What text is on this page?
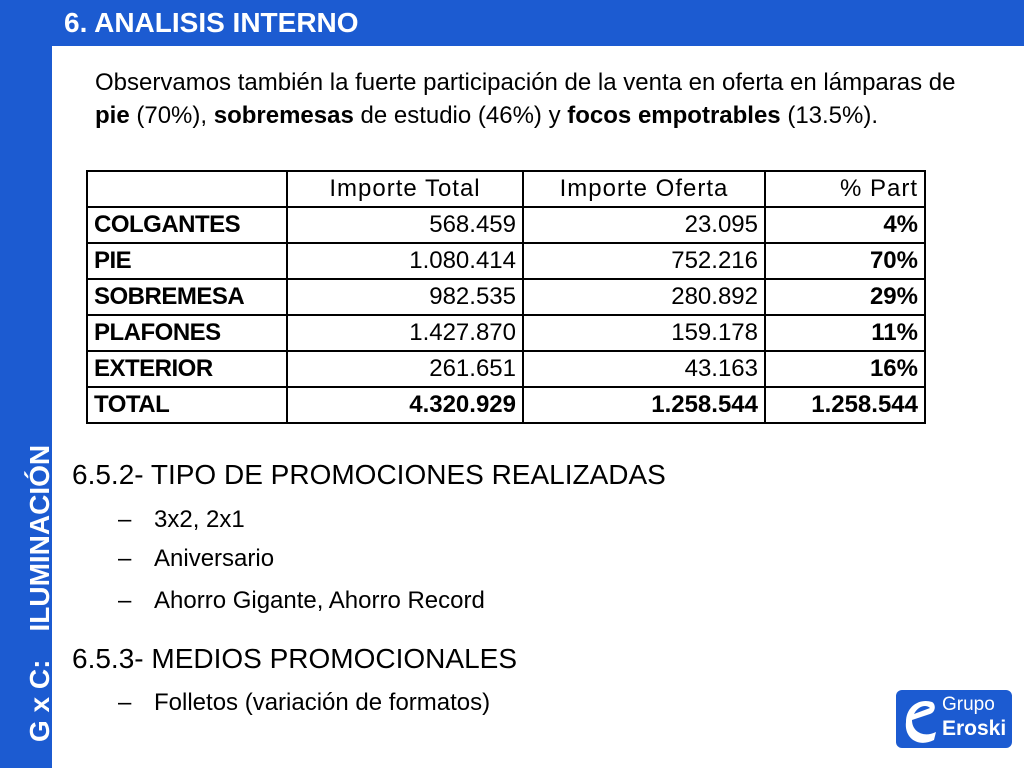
G x C:ILUMINACIÓN
6. ANALISIS INTERNO
Observamos también la fuerte participación de la venta en oferta en lámparas de pie (70%), sobremesas de estudio (46%) y focos empotrables (13.5%).
	Importe Total	Importe Oferta	% Part
COLGANTES	568.459	23.095	4%
PIE	1.080.414	752.216	70%
SOBREMESA	982.535	280.892	29%
PLAFONES	1.427.870	159.178	11%
EXTERIOR	261.651	43.163	16%
TOTAL	4.320.929	1.258.544	1.258.544
6.5.2- TIPO DE PROMOCIONES REALIZADAS
– 3x2, 2x1
– Aniversario
– Ahorro Gigante, Ahorro Record
6.5.3- MEDIOS PROMOCIONALES
– Folletos (variación de formatos)	Grupo
Eroski
